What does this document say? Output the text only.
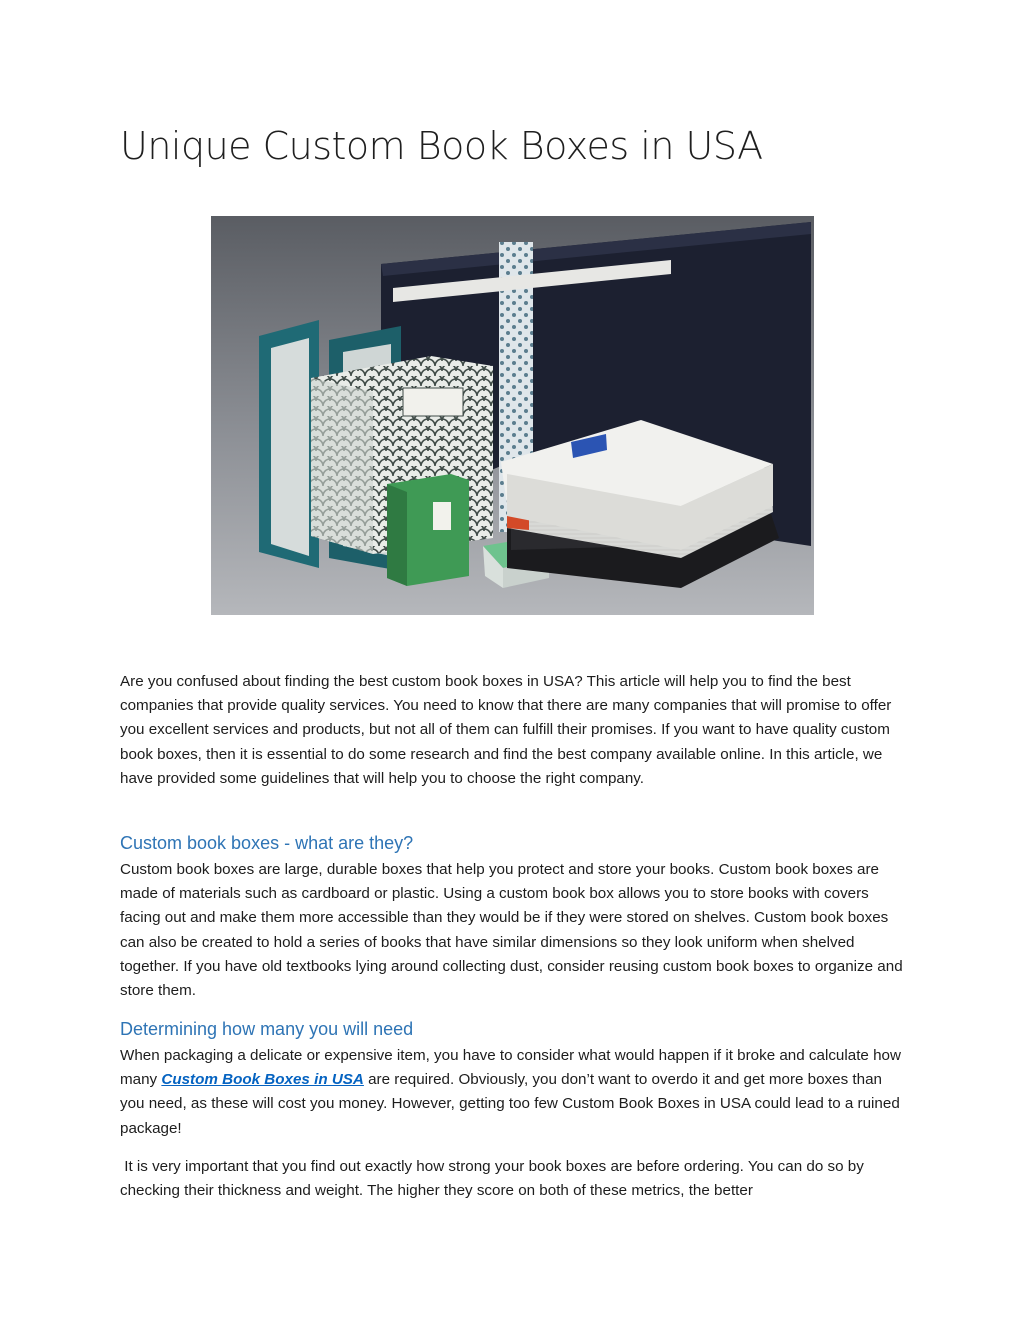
Unique Custom Book Boxes in USA

Are you confused about finding the best custom book boxes in USA? This article will help you to find the best companies that provide quality services. You need to know that there are many companies that will promise to offer you excellent services and products, but not all of them can fulfill their promises. If you want to have quality custom book boxes, then it is essential to do some research and find the best company available online. In this article, we have provided some guidelines that will help you to choose the right company.

Custom book boxes - what are they?

Custom book boxes are large, durable boxes that help you protect and store your books. Custom book boxes are made of materials such as cardboard or plastic. Using a custom book box allows you to store books with covers facing out and make them more accessible than they would be if they were stored on shelves. Custom book boxes can also be created to hold a series of books that have similar dimensions so they look uniform when shelved together. If you have old textbooks lying around collecting dust, consider reusing custom book boxes to organize and store them.

Determining how many you will need

When packaging a delicate or expensive item, you have to consider what would happen if it broke and calculate how many Custom Book Boxes in USA are required. Obviously, you don’t want to overdo it and get more boxes than you need, as these will cost you money. However, getting too few Custom Book Boxes in USA could lead to a ruined package!

It is very important that you find out exactly how strong your book boxes are before ordering. You can do so by checking their thickness and weight. The higher they score on both of these metrics, the better
